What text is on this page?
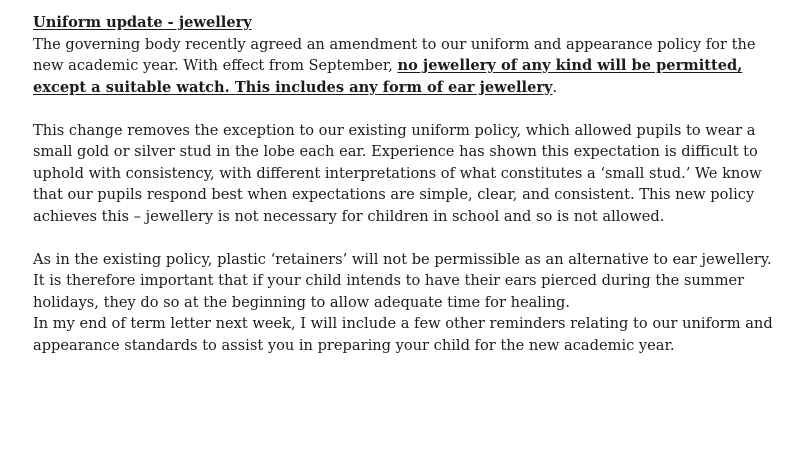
Uniform update - jewellery

The governing body recently agreed an amendment to our uniform and appearance policy for the new academic year. With effect from September, no jewellery of any kind will be permitted, except a suitable watch. This includes any form of ear jewellery.

This change removes the exception to our existing uniform policy, which allowed pupils to wear a small gold or silver stud in the lobe each ear. Experience has shown this expectation is difficult to uphold with consistency, with different interpretations of what constitutes a ‘small stud.’ We know that our pupils respond best when expectations are simple, clear, and consistent. This new policy achieves this – jewellery is not necessary for children in school and so is not allowed.

As in the existing policy, plastic ‘retainers’ will not be permissible as an alternative to ear jewellery. It is therefore important that if your child intends to have their ears pierced during the summer holidays, they do so at the beginning to allow adequate time for healing.

In my end of term letter next week, I will include a few other reminders relating to our uniform and appearance standards to assist you in preparing your child for the new academic year.
